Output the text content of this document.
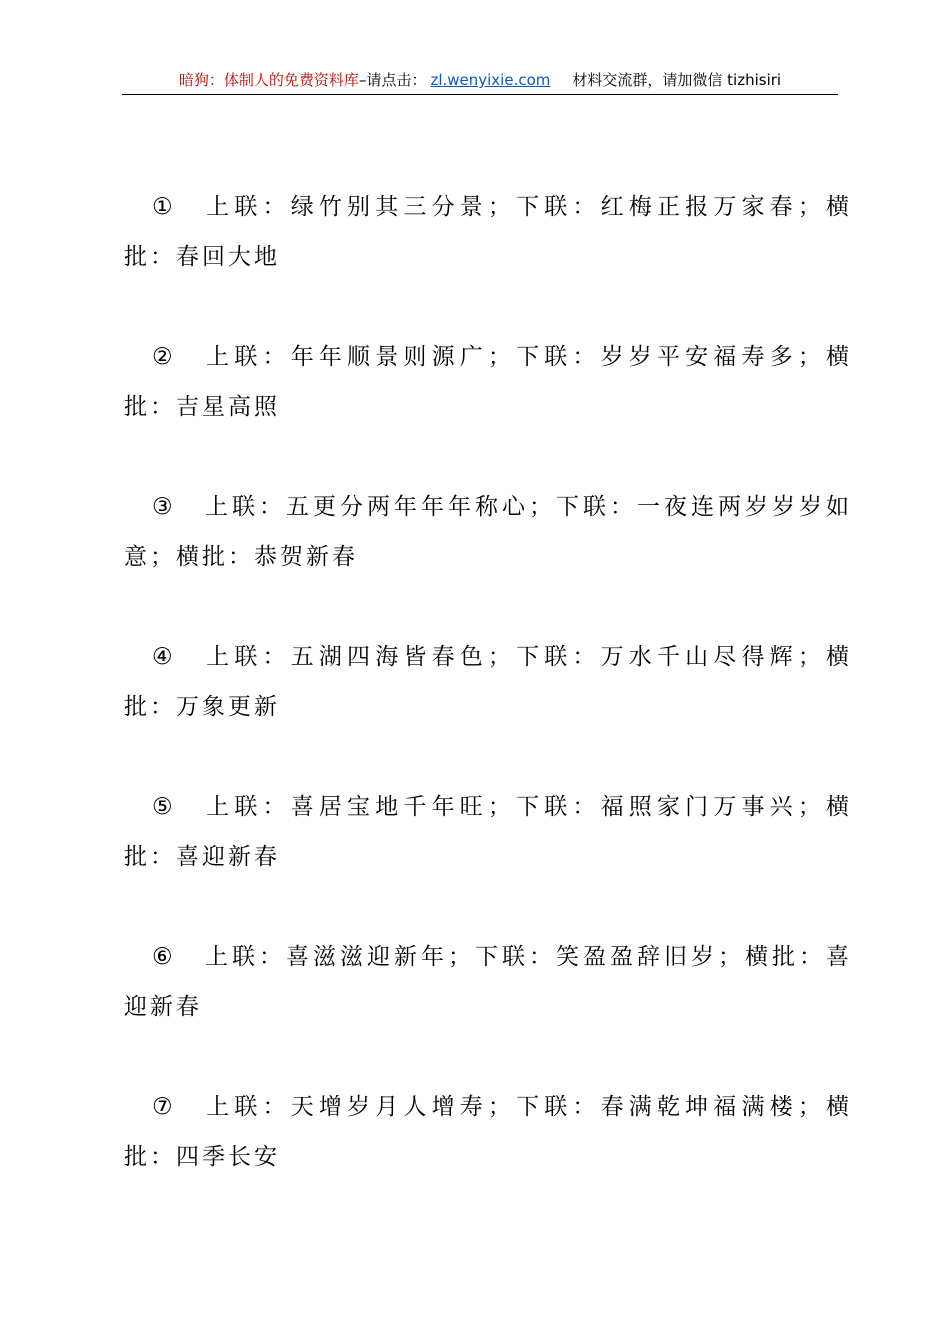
暗狗：体制人的免费资料库–请点击： zl.wenyixie.com 材料交流群，请加微信 tizhisiri

① 上联：绿竹别其三分景；下联：红梅正报万家春；横批：春回大地

② 上联：年年顺景则源广；下联：岁岁平安福寿多；横批：吉星高照

③ 上联：五更分两年年年称心；下联：一夜连两岁岁岁如意；横批：恭贺新春

④ 上联：五湖四海皆春色；下联：万水千山尽得辉；横批：万象更新

⑤ 上联：喜居宝地千年旺；下联：福照家门万事兴；横批：喜迎新春

⑥ 上联：喜滋滋迎新年；下联：笑盈盈辞旧岁；横批：喜迎新春

⑦ 上联：天增岁月人增寿；下联：春满乾坤福满楼；横批：四季长安
